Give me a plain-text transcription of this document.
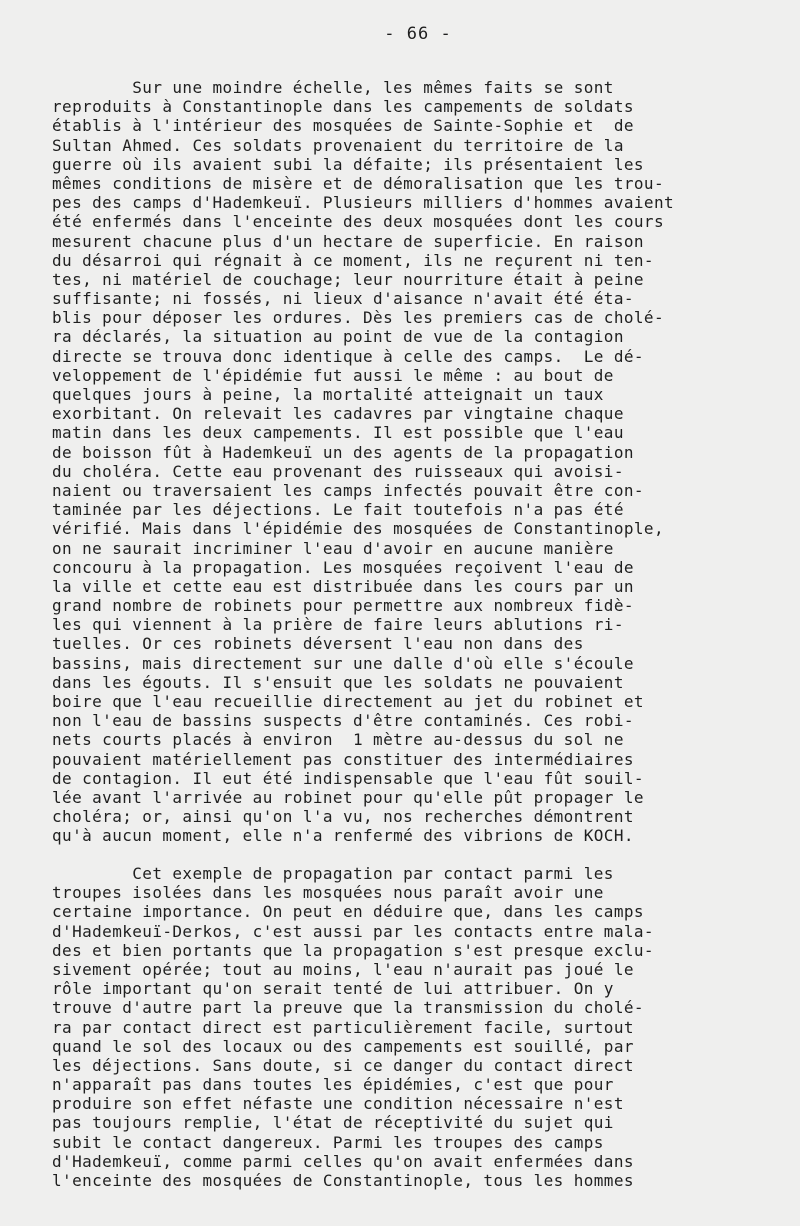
- 66 -
Sur une moindre échelle, les mêmes faits se sont
reproduits à Constantinople dans les campements de soldats
établis à l'intérieur des mosquées de Sainte-Sophie et  de
Sultan Ahmed. Ces soldats provenaient du territoire de la
guerre où ils avaient subi la défaite; ils présentaient les
mêmes conditions de misère et de démoralisation que les trou-
pes des camps d'Hademkeuï. Plusieurs milliers d'hommes avaient
été enfermés dans l'enceinte des deux mosquées dont les cours
mesurent chacune plus d'un hectare de superficie. En raison
du désarroi qui régnait à ce moment, ils ne reçurent ni ten-
tes, ni matériel de couchage; leur nourriture était à peine
suffisante; ni fossés, ni lieux d'aisance n'avait été éta-
blis pour déposer les ordures. Dès les premiers cas de cholé-
ra déclarés, la situation au point de vue de la contagion
directe se trouva donc identique à celle des camps.  Le dé-
veloppement de l'épidémie fut aussi le même : au bout de
quelques jours à peine, la mortalité atteignait un taux
exorbitant. On relevait les cadavres par vingtaine chaque
matin dans les deux campements. Il est possible que l'eau
de boisson fût à Hademkeuï un des agents de la propagation
du choléra. Cette eau provenant des ruisseaux qui avoisi-
naient ou traversaient les camps infectés pouvait être con-
taminée par les déjections. Le fait toutefois n'a pas été
vérifié. Mais dans l'épidémie des mosquées de Constantinople,
on ne saurait incriminer l'eau d'avoir en aucune manière
concouru à la propagation. Les mosquées reçoivent l'eau de
la ville et cette eau est distribuée dans les cours par un
grand nombre de robinets pour permettre aux nombreux fidè-
les qui viennent à la prière de faire leurs ablutions ri-
tuelles. Or ces robinets déversent l'eau non dans des
bassins, mais directement sur une dalle d'où elle s'écoule
dans les égouts. Il s'ensuit que les soldats ne pouvaient
boire que l'eau recueillie directement au jet du robinet et
non l'eau de bassins suspects d'être contaminés. Ces robi-
nets courts placés à environ  1 mètre au-dessus du sol ne
pouvaient matériellement pas constituer des intermédiaires
de contagion. Il eut été indispensable que l'eau fût souil-
lée avant l'arrivée au robinet pour qu'elle pût propager le
choléra; or, ainsi qu'on l'a vu, nos recherches démontrent
qu'à aucun moment, elle n'a renfermé des vibrions de KOCH.
Cet exemple de propagation par contact parmi les
troupes isolées dans les mosquées nous paraît avoir une
certaine importance. On peut en déduire que, dans les camps
d'Hademkeuï-Derkos, c'est aussi par les contacts entre mala-
des et bien portants que la propagation s'est presque exclu-
sivement opérée; tout au moins, l'eau n'aurait pas joué le
rôle important qu'on serait tenté de lui attribuer. On y
trouve d'autre part la preuve que la transmission du cholé-
ra par contact direct est particulièrement facile, surtout
quand le sol des locaux ou des campements est souillé, par
les déjections. Sans doute, si ce danger du contact direct
n'apparaît pas dans toutes les épidémies, c'est que pour
produire son effet néfaste une condition nécessaire n'est
pas toujours remplie, l'état de réceptivité du sujet qui
subit le contact dangereux. Parmi les troupes des camps
d'Hademkeuï, comme parmi celles qu'on avait enfermées dans
l'enceinte des mosquées de Constantinople, tous les hommes
